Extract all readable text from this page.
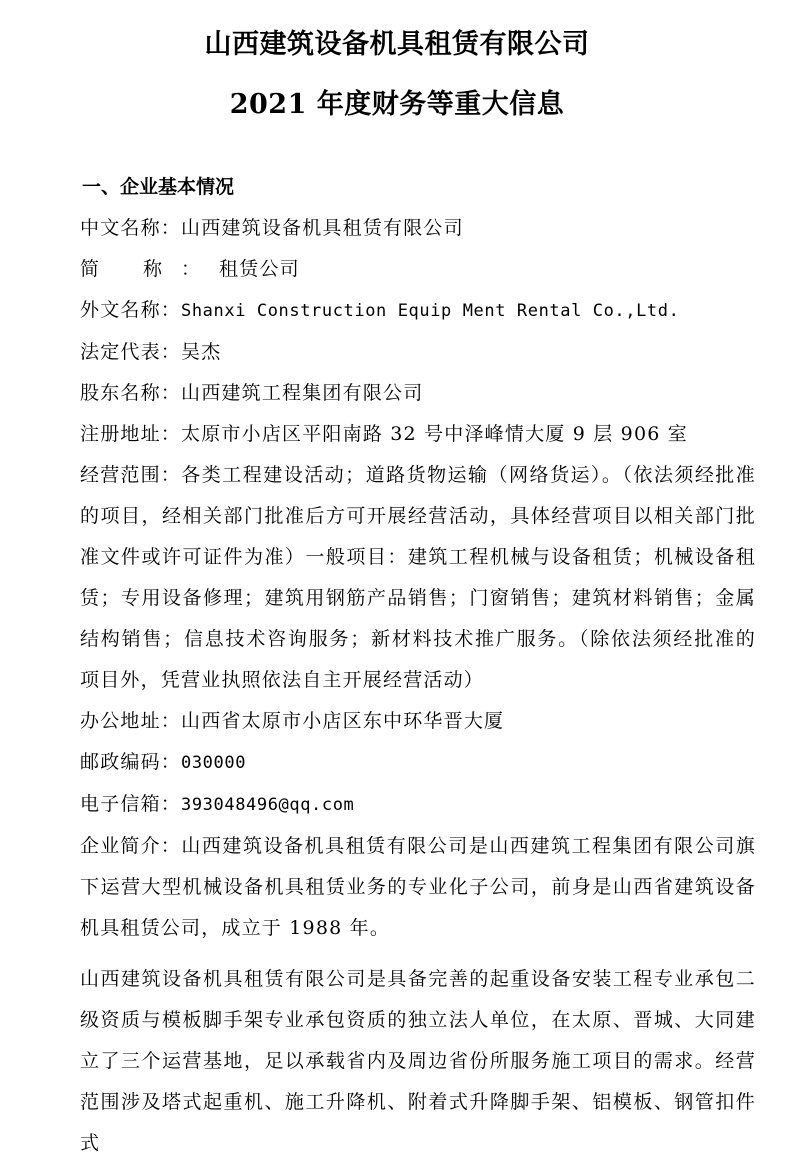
山西建筑设备机具租赁有限公司
2021 年度财务等重大信息
一、企业基本情况
中文名称：山西建筑设备机具租赁有限公司
简 称：租赁公司
外文名称：Shanxi Construction Equip Ment Rental Co.,Ltd.
法定代表：吴杰
股东名称：山西建筑工程集团有限公司
注册地址：太原市小店区平阳南路 32 号中泽峰情大厦 9 层 906 室
经营范围：各类工程建设活动；道路货物运输（网络货运）。（依法须经批准的项目，经相关部门批准后方可开展经营活动，具体经营项目以相关部门批准文件或许可证件为准）一般项目：建筑工程机械与设备租赁；机械设备租赁；专用设备修理；建筑用钢筋产品销售；门窗销售；建筑材料销售；金属结构销售；信息技术咨询服务；新材料技术推广服务。（除依法须经批准的项目外，凭营业执照依法自主开展经营活动）
办公地址：山西省太原市小店区东中环华晋大厦
邮政编码：030000
电子信箱：393048496@qq.com
企业简介：山西建筑设备机具租赁有限公司是山西建筑工程集团有限公司旗下运营大型机械设备机具租赁业务的专业化子公司，前身是山西省建筑设备机具租赁公司，成立于 1988 年。
山西建筑设备机具租赁有限公司是具备完善的起重设备安装工程专业承包二级资质与模板脚手架专业承包资质的独立法人单位，在太原、晋城、大同建立了三个运营基地，足以承载省内及周边省份所服务施工项目的需求。经营范围涉及塔式起重机、施工升降机、附着式升降脚手架、铝模板、钢管扣件式
